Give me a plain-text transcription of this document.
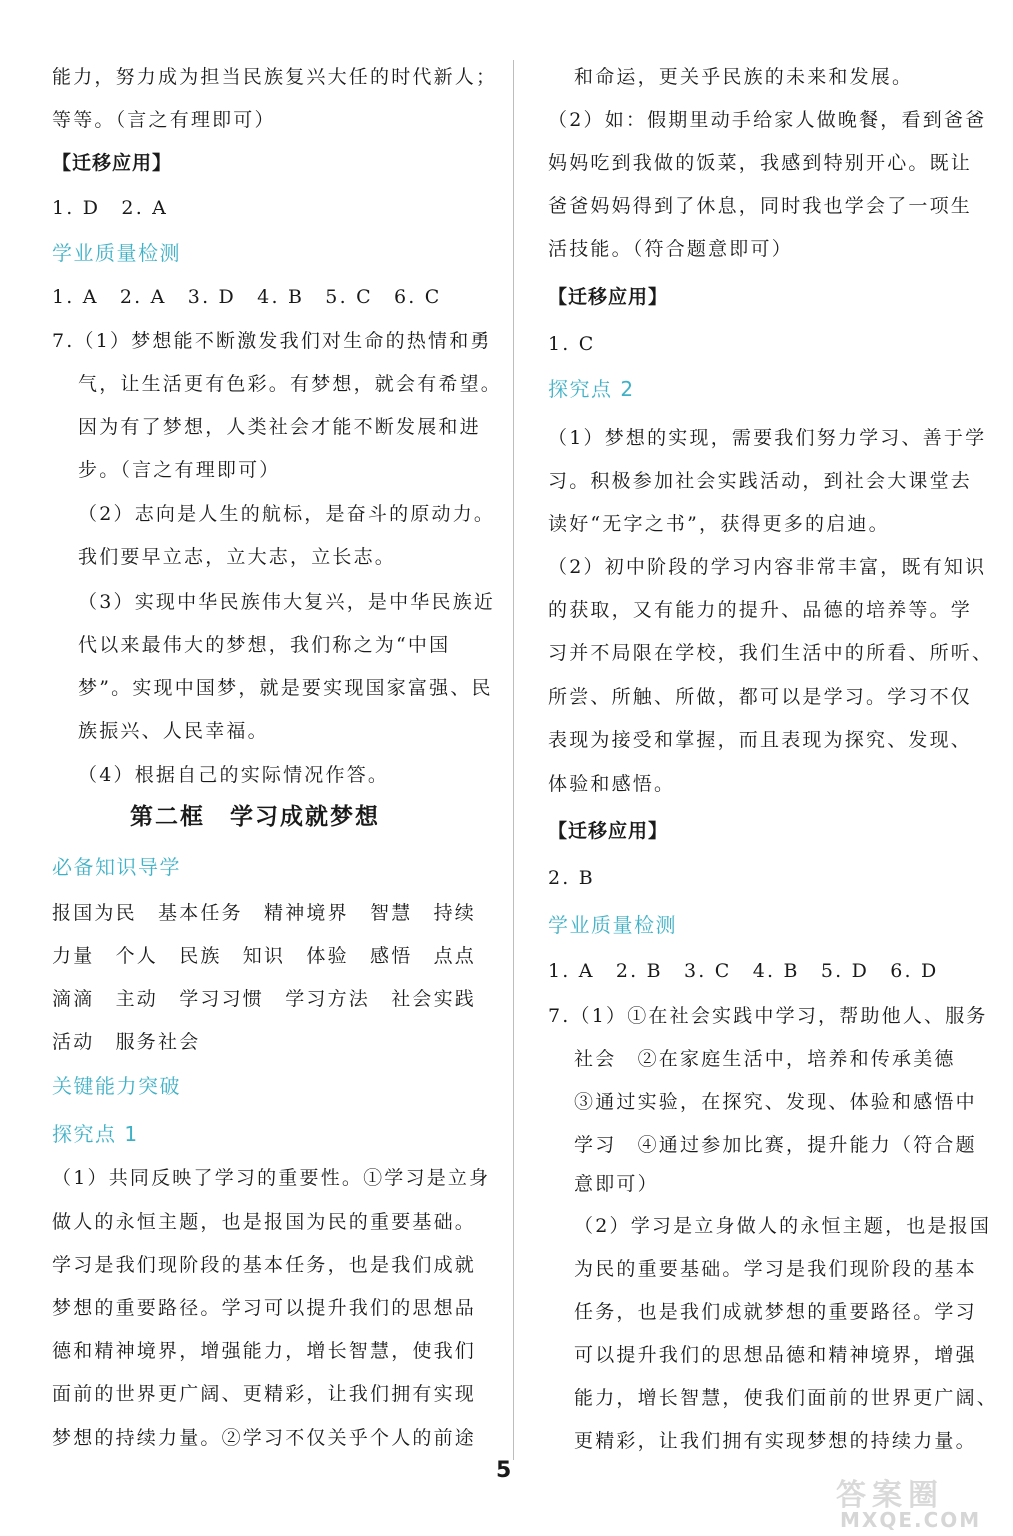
能力，努力成为担当民族复兴大任的时代新人；
等等。（言之有理即可）
【迁移应用】
1. D　2. A
学业质量检测
1. A　2. A　3. D　4. B　5. C　6. C
7.（1）梦想能不断激发我们对生命的热情和勇
气，让生活更有色彩。有梦想，就会有希望。
因为有了梦想，人类社会才能不断发展和进
步。（言之有理即可）
（2）志向是人生的航标，是奋斗的原动力。
我们要早立志，立大志，立长志。
（3）实现中华民族伟大复兴，是中华民族近
代以来最伟大的梦想，我们称之为“中国
梦”。实现中国梦，就是要实现国家富强、民
族振兴、人民幸福。
（4）根据自己的实际情况作答。
第二框　学习成就梦想
必备知识导学
报国为民　基本任务　精神境界　智慧　持续
力量　个人　民族　知识　体验　感悟　点点
滴滴　主动　学习习惯　学习方法　社会实践
活动　服务社会
关键能力突破
探究点 1
（1）共同反映了学习的重要性。①学习是立身
做人的永恒主题，也是报国为民的重要基础。
学习是我们现阶段的基本任务，也是我们成就
梦想的重要路径。学习可以提升我们的思想品
德和精神境界，增强能力，增长智慧，使我们
面前的世界更广阔、更精彩，让我们拥有实现
梦想的持续力量。②学习不仅关乎个人的前途
和命运，更关乎民族的未来和发展。
（2）如：假期里动手给家人做晚餐，看到爸爸
妈妈吃到我做的饭菜，我感到特别开心。既让
爸爸妈妈得到了休息，同时我也学会了一项生
活技能。（符合题意即可）
【迁移应用】
1. C
探究点 2
（1）梦想的实现，需要我们努力学习、善于学
习。积极参加社会实践活动，到社会大课堂去
读好“无字之书”，获得更多的启迪。
（2）初中阶段的学习内容非常丰富，既有知识
的获取，又有能力的提升、品德的培养等。学
习并不局限在学校，我们生活中的所看、所听、
所尝、所触、所做，都可以是学习。学习不仅
表现为接受和掌握，而且表现为探究、发现、
体验和感悟。
【迁移应用】
2. B
学业质量检测
1. A　2. B　3. C　4. B　5. D　6. D
7.（1）①在社会实践中学习，帮助他人、服务
社会　②在家庭生活中，培养和传承美德
③通过实验，在探究、发现、体验和感悟中
学习　④通过参加比赛，提升能力（符合题
意即可）
（2）学习是立身做人的永恒主题，也是报国
为民的重要基础。学习是我们现阶段的基本
任务，也是我们成就梦想的重要路径。学习
可以提升我们的思想品德和精神境界，增强
能力，增长智慧，使我们面前的世界更广阔、
更精彩，让我们拥有实现梦想的持续力量。
5
答案圈
MXQE.COM
